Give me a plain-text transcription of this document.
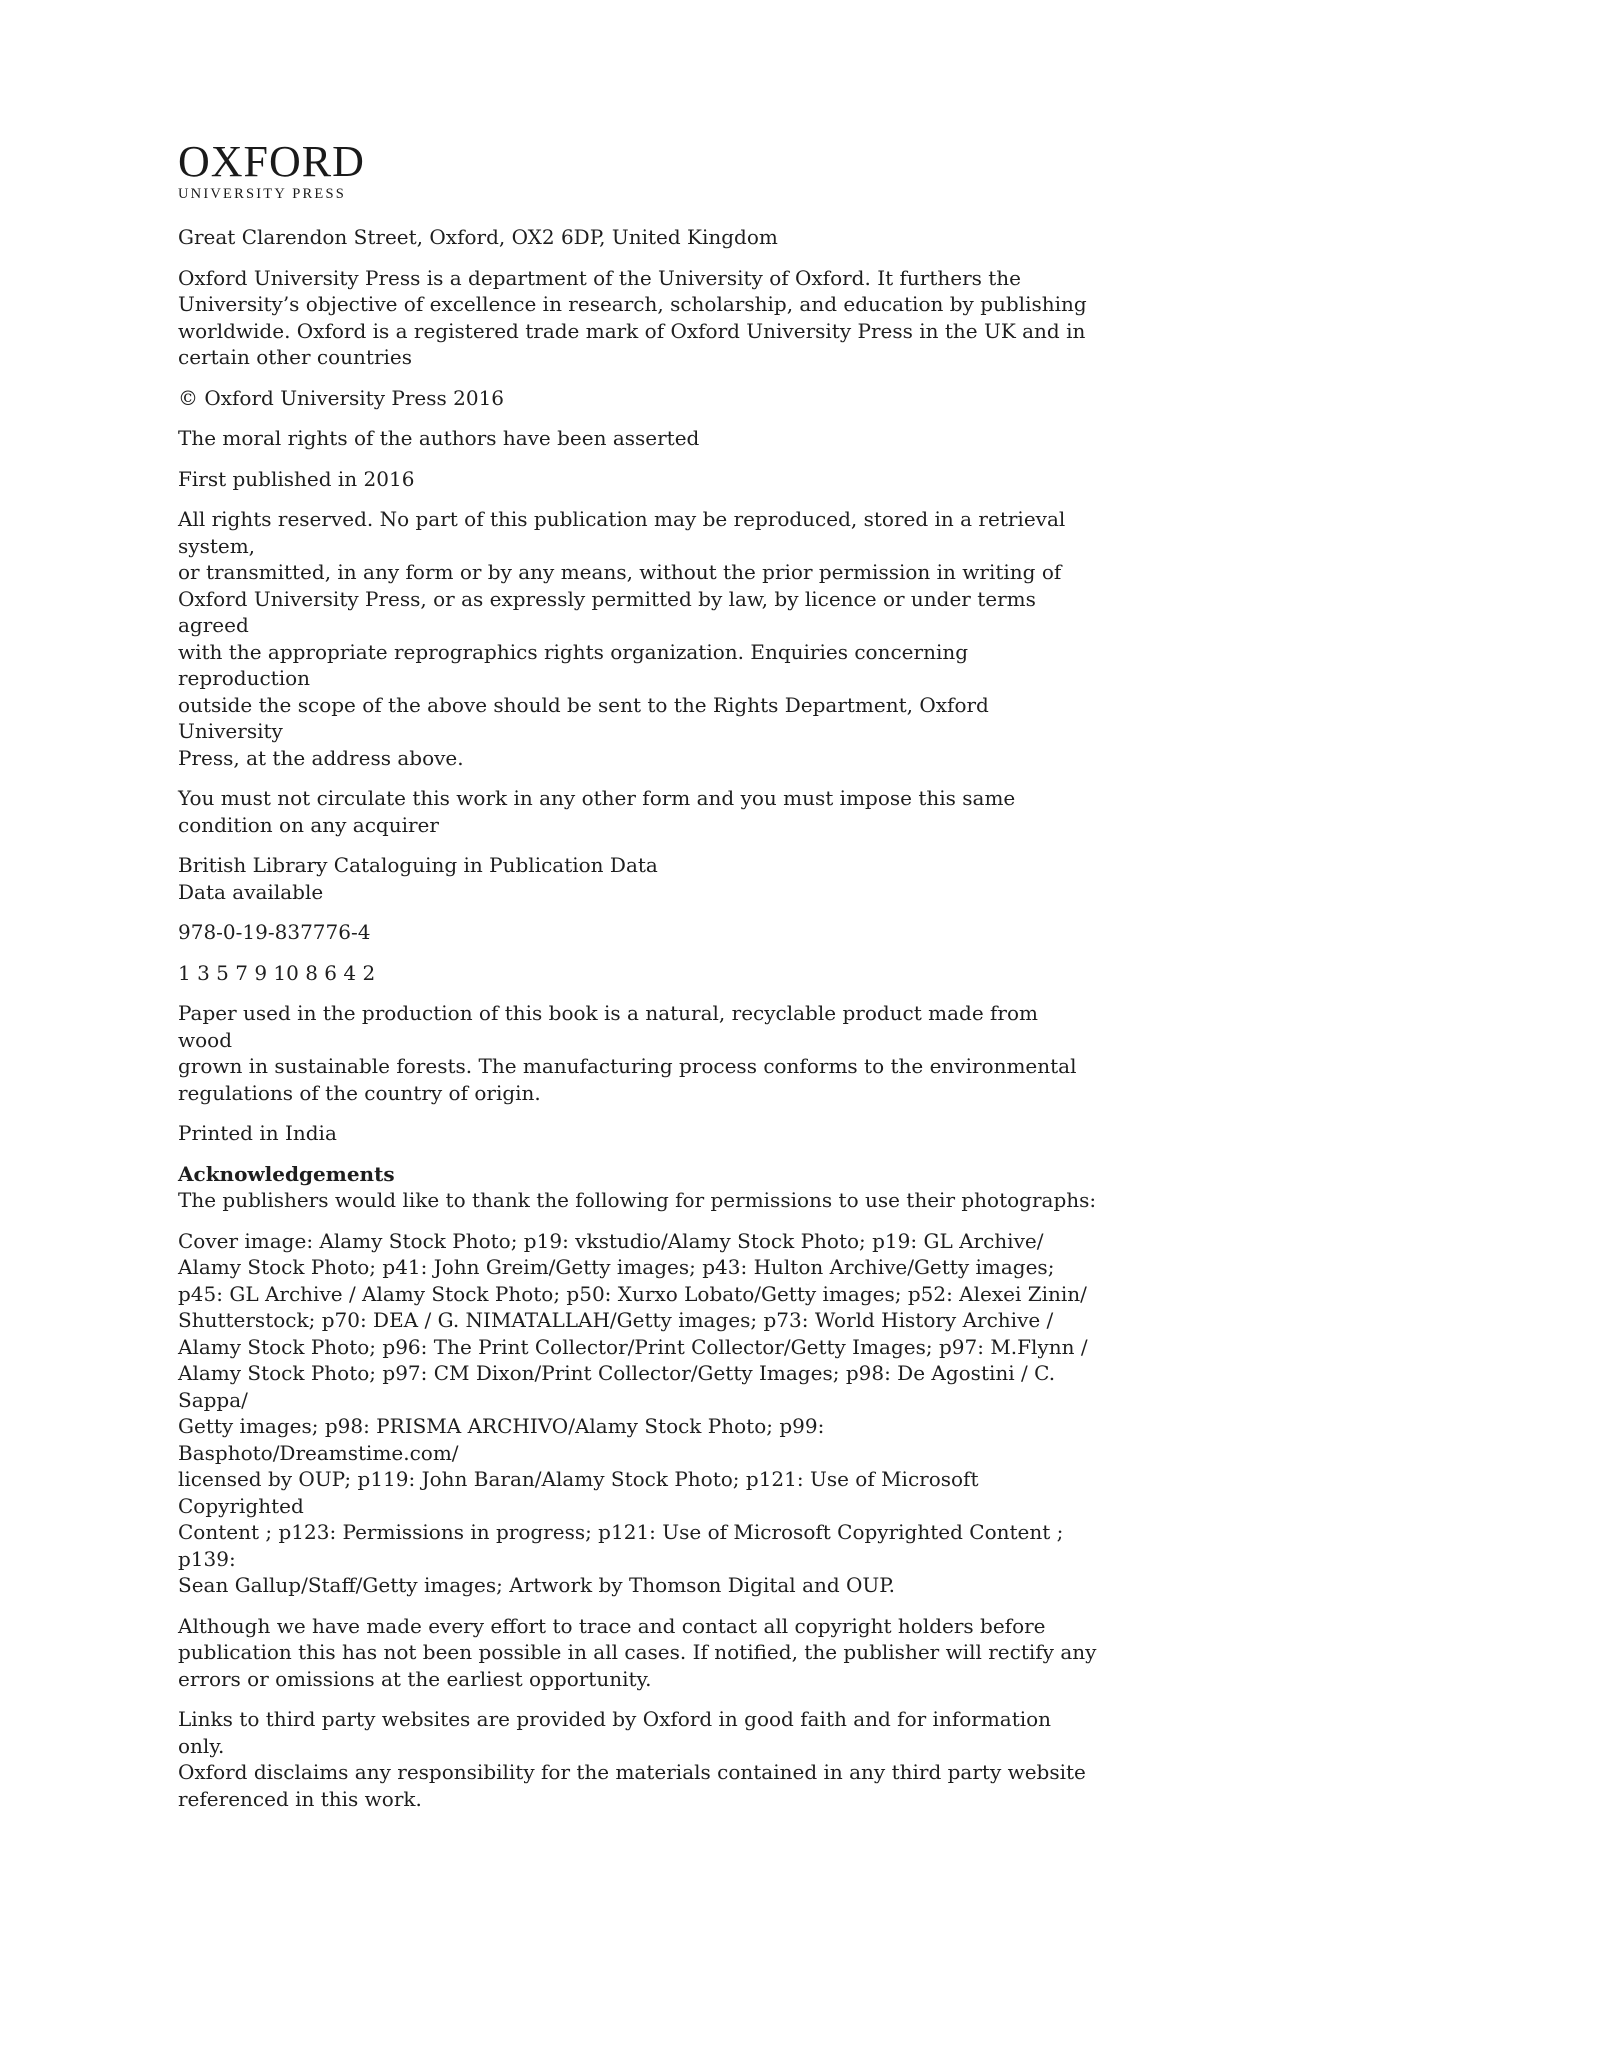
OXFORD
UNIVERSITY PRESS

Great Clarendon Street, Oxford, OX2 6DP, United Kingdom

Oxford University Press is a department of the University of Oxford. It furthers the
University’s objective of excellence in research, scholarship, and education by publishing
worldwide. Oxford is a registered trade mark of Oxford University Press in the UK and in
certain other countries

© Oxford University Press 2016

The moral rights of the authors have been asserted

First published in 2016

All rights reserved. No part of this publication may be reproduced, stored in a retrieval system,
or transmitted, in any form or by any means, without the prior permission in writing of
Oxford University Press, or as expressly permitted by law, by licence or under terms agreed
with the appropriate reprographics rights organization. Enquiries concerning reproduction
outside the scope of the above should be sent to the Rights Department, Oxford University
Press, at the address above.

You must not circulate this work in any other form and you must impose this same
condition on any acquirer

British Library Cataloguing in Publication Data
Data available

978-0-19-837776-4

1 3 5 7 9 10 8 6 4 2

Paper used in the production of this book is a natural, recyclable product made from wood
grown in sustainable forests. The manufacturing process conforms to the environmental
regulations of the country of origin.

Printed in India

Acknowledgements
The publishers would like to thank the following for permissions to use their photographs:

Cover image: Alamy Stock Photo; p19: vkstudio/Alamy Stock Photo; p19: GL Archive/
Alamy Stock Photo; p41: John Greim/Getty images; p43: Hulton Archive/Getty images;
p45: GL Archive / Alamy Stock Photo; p50: Xurxo Lobato/Getty images; p52: Alexei Zinin/
Shutterstock; p70: DEA / G. NIMATALLAH/Getty images; p73: World History Archive /
Alamy Stock Photo; p96: The Print Collector/Print Collector/Getty Images; p97: M.Flynn /
Alamy Stock Photo; p97: CM Dixon/Print Collector/Getty Images; p98: De Agostini / C. Sappa/
Getty images; p98: PRISMA ARCHIVO/Alamy Stock Photo; p99: Basphoto/Dreamstime.com/
licensed by OUP; p119: John Baran/Alamy Stock Photo; p121: Use of Microsoft Copyrighted
Content ; p123: Permissions in progress; p121: Use of Microsoft Copyrighted Content ; p139:
Sean Gallup/Staff/Getty images; Artwork by Thomson Digital and OUP.

Although we have made every effort to trace and contact all copyright holders before
publication this has not been possible in all cases. If notified, the publisher will rectify any
errors or omissions at the earliest opportunity.

Links to third party websites are provided by Oxford in good faith and for information only.
Oxford disclaims any responsibility for the materials contained in any third party website
referenced in this work.
